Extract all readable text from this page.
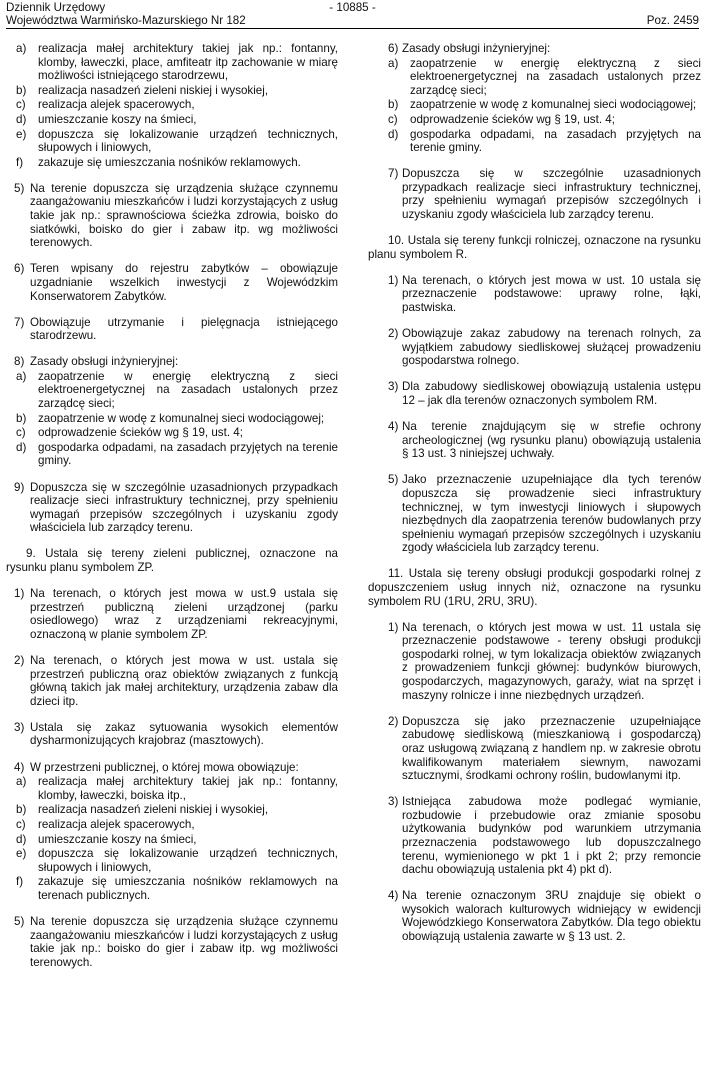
Dziennik Urzędowy
Województwa Warmińsko-Mazurskiego Nr 182
- 10885 -
Poz. 2459
a) realizacja małej architektury takiej jak np.: fontanny, klomby, ławeczki, place, amfiteatr itp zachowanie w miarę możliwości istniejącego starodrzewu,
b) realizacja nasadzeń zieleni niskiej i wysokiej,
c) realizacja alejek spacerowych,
d) umieszczanie koszy na śmieci,
e) dopuszcza się lokalizowanie urządzeń technicznych, słupowych i liniowych,
f) zakazuje się umieszczania nośników reklamowych.
5) Na terenie dopuszcza się urządzenia służące czynnemu zaangażowaniu mieszkańców i ludzi korzystających z usług takie jak np.: sprawnościowa ścieżka zdrowia, boisko do siatkówki, boisko do gier i zabaw itp. wg możliwości terenowych.
6) Teren wpisany do rejestru zabytków – obowiązuje uzgadnianie wszelkich inwestycji z Wojewódzkim Konserwatorem Zabytków.
7) Obowiązuje utrzymanie i pielęgnacja istniejącego starodrzewu.
8) Zasady obsługi inżynieryjnej:
a) zaopatrzenie w energię elektryczną z sieci elektroenergetycznej na zasadach ustalonych przez zarządcę sieci;
b) zaopatrzenie w wodę z komunalnej sieci wodociągowej;
c) odprowadzenie ścieków wg § 19, ust. 4;
d) gospodarka odpadami, na zasadach przyjętych na terenie gminy.
9) Dopuszcza się w szczególnie uzasadnionych przypadkach realizacje sieci infrastruktury technicznej, przy spełnieniu wymagań przepisów szczególnych i uzyskaniu zgody właściciela lub zarządcy terenu.
9. Ustala się tereny zieleni publicznej, oznaczone na rysunku planu symbolem ZP.
1) Na terenach, o których jest mowa w ust.9 ustala się przestrzeń publiczną zieleni urządzonej (parku osiedlowego) wraz z urządzeniami rekreacyjnymi, oznaczoną w planie symbolem ZP.
2) Na terenach, o których jest mowa w ust. ustala się przestrzeń publiczną oraz obiektów związanych z funkcją główną takich jak małej architektury, urządzenia zabaw dla dzieci itp.
3) Ustala się zakaz sytuowania wysokich elementów dysharmonizujących krajobraz (masztowych).
4) W przestrzeni publicznej, o której mowa obowiązuje:
a) realizacja małej architektury takiej jak np.: fontanny, klomby, ławeczki, boiska itp.,
b) realizacja nasadzeń zieleni niskiej i wysokiej,
c) realizacja alejek spacerowych,
d) umieszczanie koszy na śmieci,
e) dopuszcza się lokalizowanie urządzeń technicznych, słupowych i liniowych,
f) zakazuje się umieszczania nośników reklamowych na terenach publicznych.
5) Na terenie dopuszcza się urządzenia służące czynnemu zaangażowaniu mieszkańców i ludzi korzystających z usług takie jak np.: boisko do gier i zabaw itp. wg możliwości terenowych.
6) Zasady obsługi inżynieryjnej:
a) zaopatrzenie w energię elektryczną z sieci elektroenergetycznej na zasadach ustalonych przez zarządcę sieci;
b) zaopatrzenie w wodę z komunalnej sieci wodociągowej;
c) odprowadzenie ścieków wg § 19, ust. 4;
d) gospodarka odpadami, na zasadach przyjętych na terenie gminy.
7) Dopuszcza się w szczególnie uzasadnionych przypadkach realizacje sieci infrastruktury technicznej, przy spełnieniu wymagań przepisów szczególnych i uzyskaniu zgody właściciela lub zarządcy terenu.
10. Ustala się tereny funkcji rolniczej, oznaczone na rysunku planu symbolem R.
1) Na terenach, o których jest mowa w ust. 10 ustala się przeznaczenie podstawowe: uprawy rolne, łąki, pastwiska.
2) Obowiązuje zakaz zabudowy na terenach rolnych, za wyjątkiem zabudowy siedliskowej służącej prowadzeniu gospodarstwa rolnego.
3) Dla zabudowy siedliskowej obowiązują ustalenia ustępu 12 – jak dla terenów oznaczonych symbolem RM.
4) Na terenie znajdującym się w strefie ochrony archeologicznej (wg rysunku planu) obowiązują ustalenia § 13 ust. 3 niniejszej uchwały.
5) Jako przeznaczenie uzupełniające dla tych terenów dopuszcza się prowadzenie sieci infrastruktury technicznej, w tym inwestycji liniowych i słupowych niezbędnych dla zaopatrzenia terenów budowlanych przy spełnieniu wymagań przepisów szczególnych i uzyskaniu zgody właściciela lub zarządcy terenu.
11. Ustala się tereny obsługi produkcji gospodarki rolnej z dopuszczeniem usług innych niż, oznaczone na rysunku symbolem RU (1RU, 2RU, 3RU).
1) Na terenach, o których jest mowa w ust. 11 ustala się przeznaczenie podstawowe - tereny obsługi produkcji gospodarki rolnej, w tym lokalizacja obiektów związanych z prowadzeniem funkcji głównej: budynków biurowych, gospodarczych, magazynowych, garaży, wiat na sprzęt i maszyny rolnicze i inne niezbędnych urządzeń.
2) Dopuszcza się jako przeznaczenie uzupełniające zabudowę siedliskową (mieszkaniową i gospodarczą) oraz usługową związaną z handlem np. w zakresie obrotu kwalifikowanym materiałem siewnym, nawozami sztucznymi, środkami ochrony roślin, budowlanymi itp.
3) Istniejąca zabudowa może podlegać wymianie, rozbudowie i przebudowie oraz zmianie sposobu użytkowania budynków pod warunkiem utrzymania przeznaczenia podstawowego lub dopuszczalnego terenu, wymienionego w pkt 1 i pkt 2; przy remoncie dachu obowiązują ustalenia pkt 4) pkt d).
4) Na terenie oznaczonym 3RU znajduje się obiekt o wysokich walorach kulturowych widniejący w ewidencji Wojewódzkiego Konserwatora Zabytków. Dla tego obiektu obowiązują ustalenia zawarte w § 13 ust. 2.
